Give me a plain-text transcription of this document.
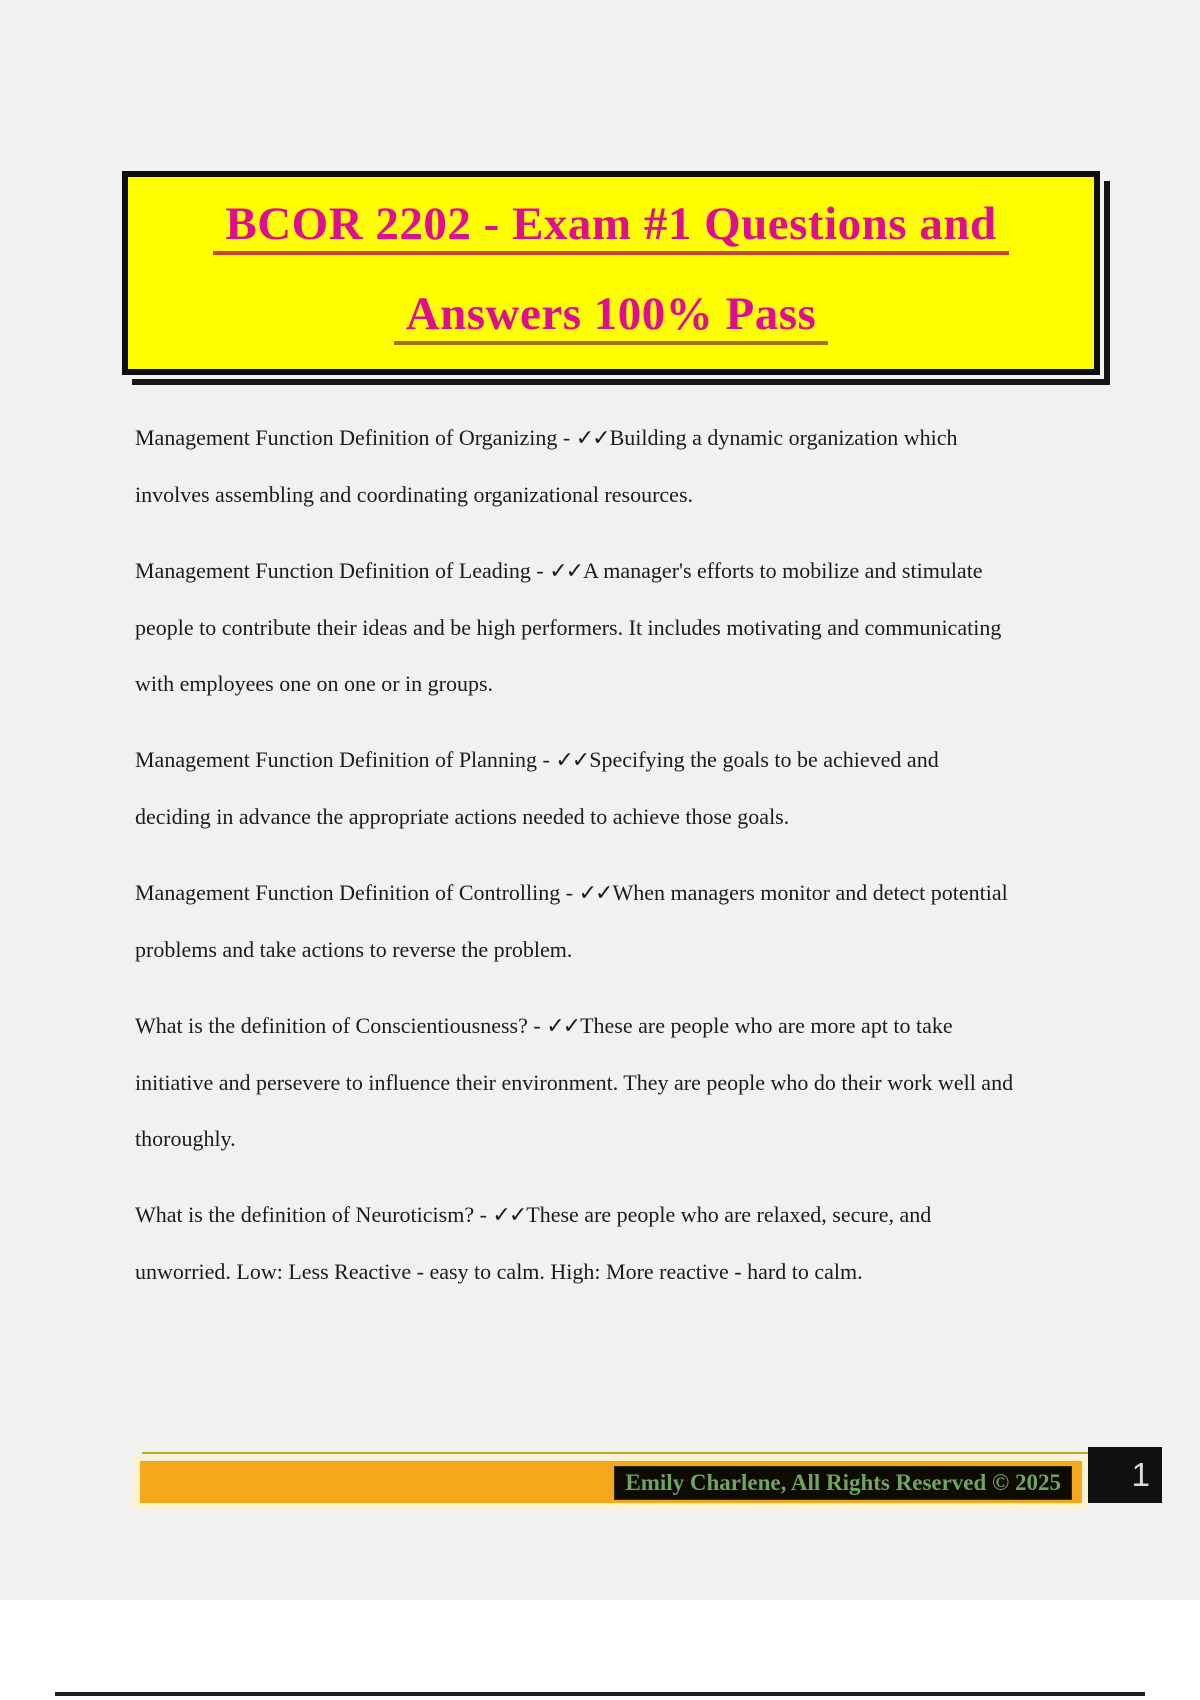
BCOR 2202 - Exam #1 Questions and
Answers 100% Pass

Management Function Definition of Organizing - ✓✓Building a dynamic organization which involves assembling and coordinating organizational resources.

Management Function Definition of Leading - ✓✓A manager's efforts to mobilize and stimulate people to contribute their ideas and be high performers. It includes motivating and communicating with employees one on one or in groups.

Management Function Definition of Planning - ✓✓Specifying the goals to be achieved and deciding in advance the appropriate actions needed to achieve those goals.

Management Function Definition of Controlling - ✓✓When managers monitor and detect potential problems and take actions to reverse the problem.

What is the definition of Conscientiousness? - ✓✓These are people who are more apt to take initiative and persevere to influence their environment. They are people who do their work well and thoroughly.

What is the definition of Neuroticism? - ✓✓These are people who are relaxed, secure, and unworried. Low: Less Reactive - easy to calm. High: More reactive - hard to calm.

Emily Charlene, All Rights Reserved © 2025	1
